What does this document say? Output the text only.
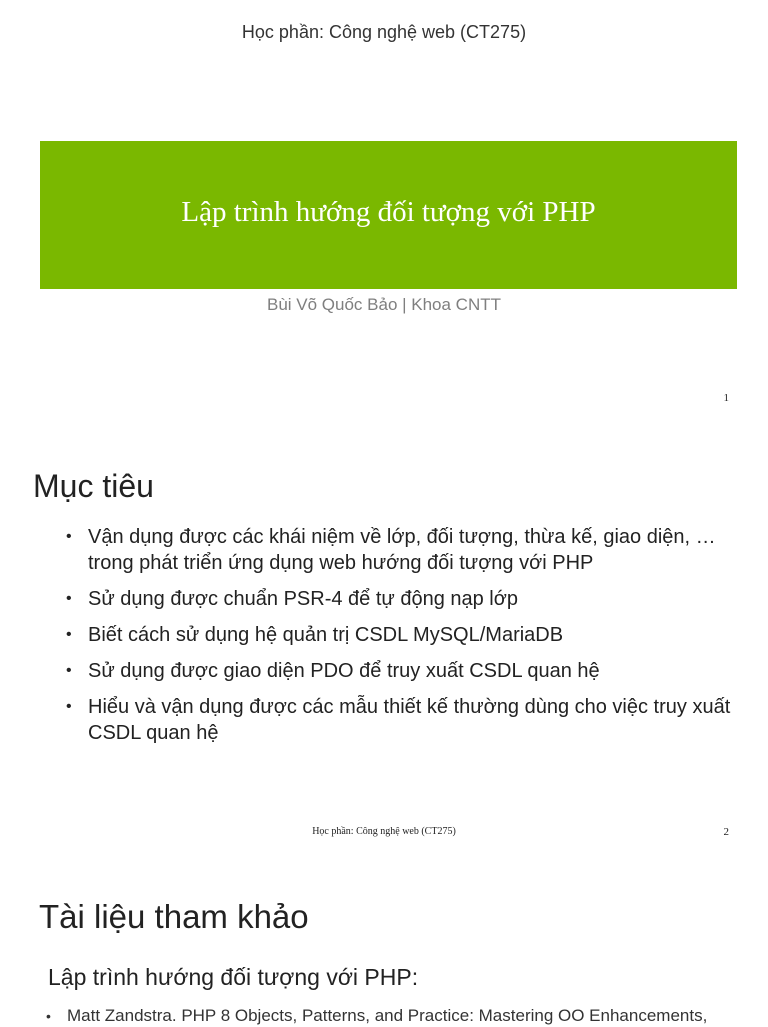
Học phần: Công nghệ web (CT275)
Lập trình hướng đối tượng với PHP
Bùi Võ Quốc Bảo | Khoa CNTT
1
Mục tiêu
• Vận dụng được các khái niệm về lớp, đối tượng, thừa kế, giao diện, … trong phát triển ứng dụng web hướng đối tượng với PHP
• Sử dụng được chuẩn PSR-4 để tự động nạp lớp
• Biết cách sử dụng hệ quản trị CSDL MySQL/MariaDB
• Sử dụng được giao diện PDO để truy xuất CSDL quan hệ
• Hiểu và vận dụng được các mẫu thiết kế thường dùng cho việc truy xuất CSDL quan hệ
Học phần: Công nghệ web (CT275)	2
Tài liệu tham khảo
Lập trình hướng đối tượng với PHP:
• Matt Zandstra. PHP 8 Objects, Patterns, and Practice: Mastering OO Enhancements,
